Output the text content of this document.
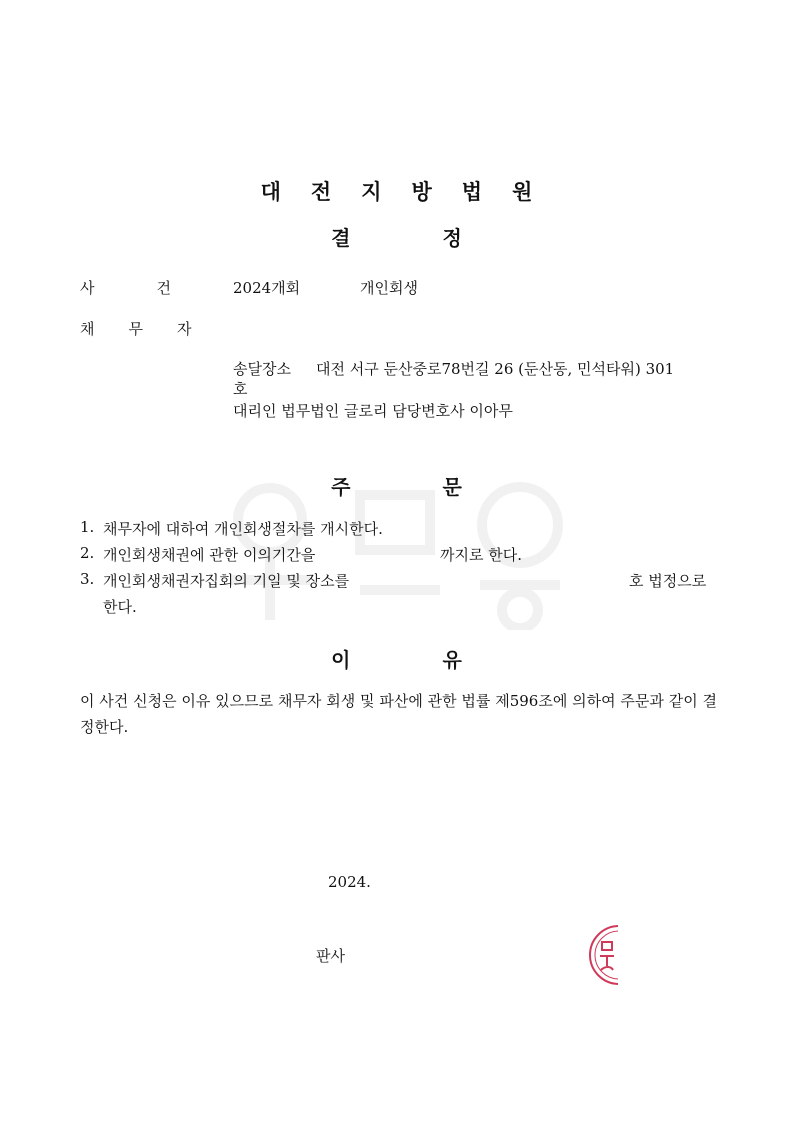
대전지방법원
결정
사건 2024개회	개인회생
채무자
송달장소 대전 서구 둔산중로78번길 26 (둔산동, 민석타워) 301
호
대리인 법무법인 글로리 담당변호사 이아무
주문
1. 채무자에 대하여 개인회생절차를 개시한다.
2. 개인회생채권에 관한 이의기간을	까지로 한다.
3. 개인회생채권자집회의 기일 및 장소를	호 법정으로
한다.
이유
이 사건 신청은 이유 있으므로 채무자 회생 및 파산에 관한 법률 제596조에 의하여 주문과 같이 결정한다.
2024.
판사
